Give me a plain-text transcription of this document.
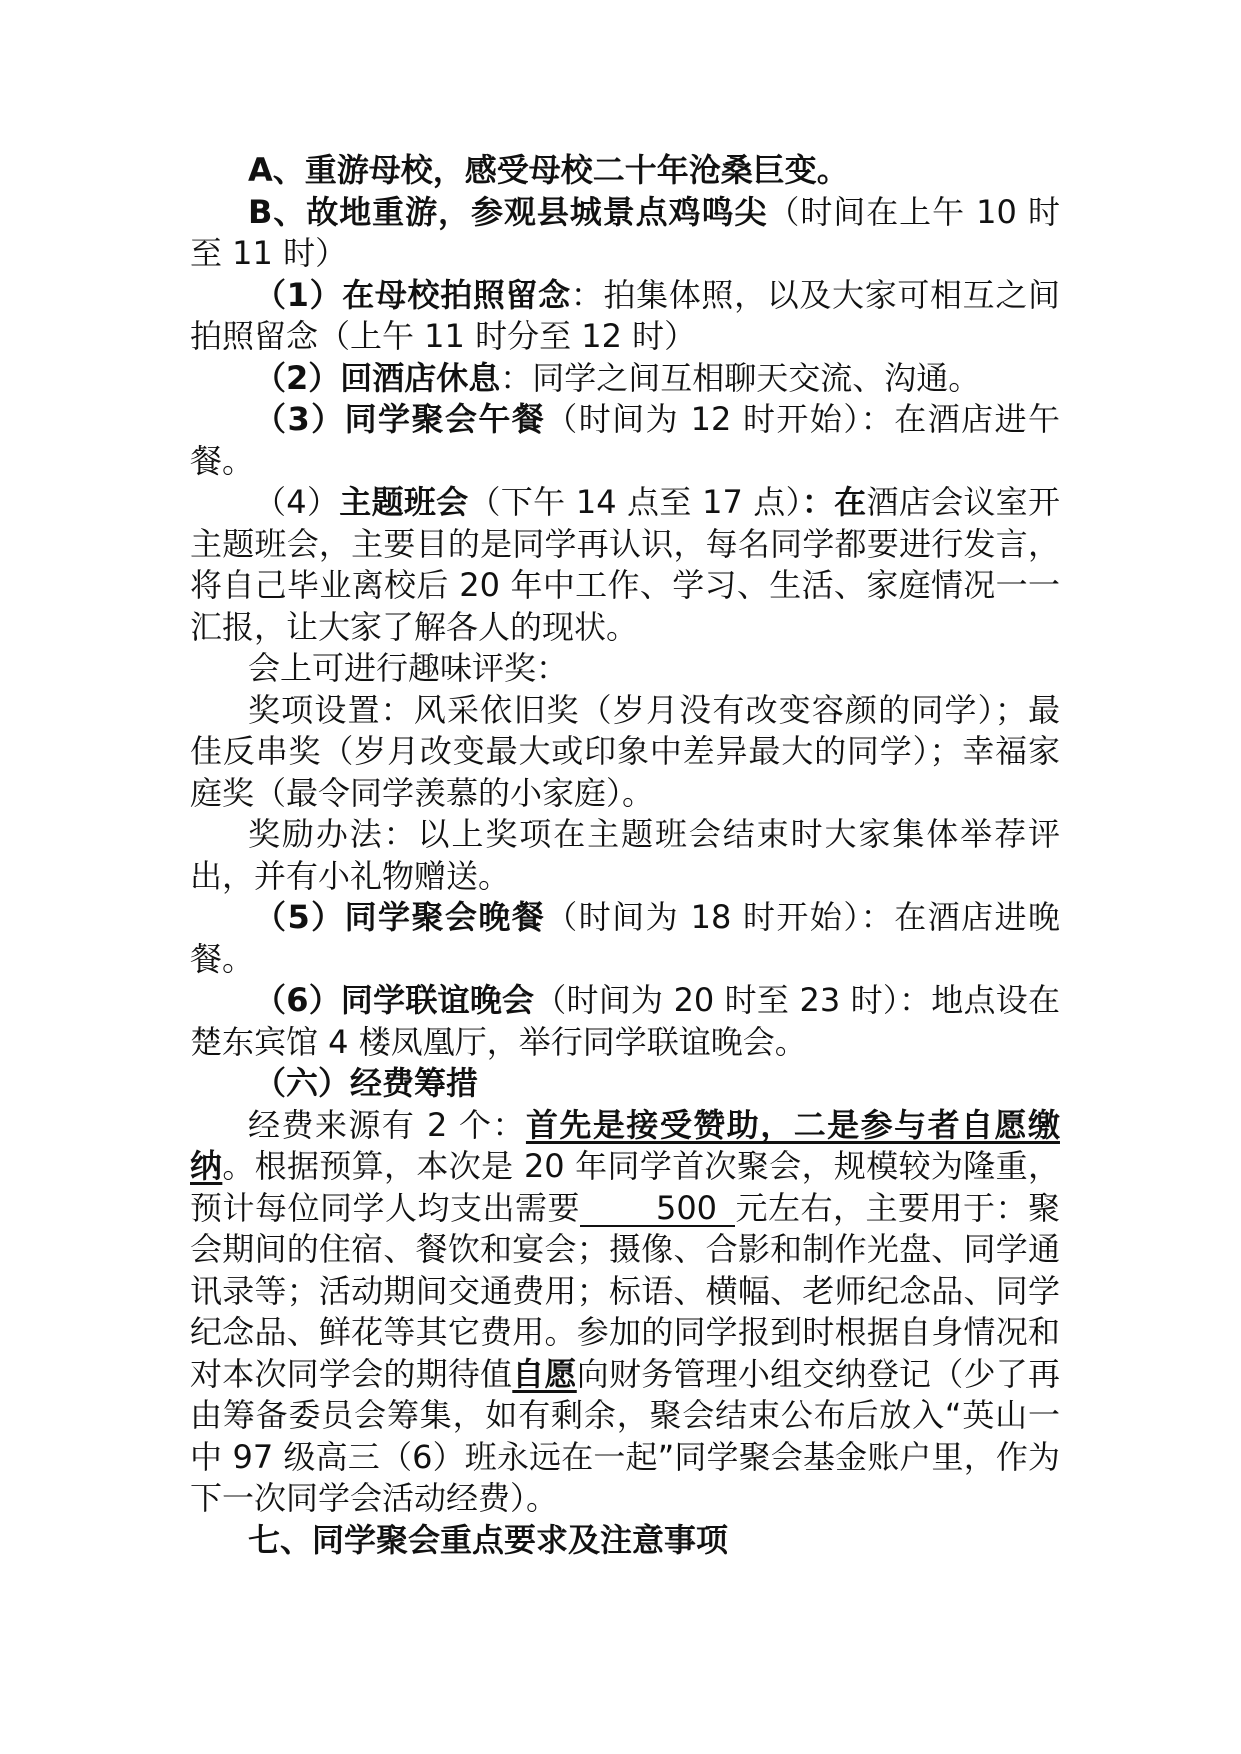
A、重游母校，感受母校二十年沧桑巨变。

B、故地重游，参观县城景点鸡鸣尖（时间在上午 10 时至 11 时）

（1）在母校拍照留念：拍集体照，以及大家可相互之间拍照留念（上午 11 时分至 12 时）

（2）回酒店休息：同学之间互相聊天交流、沟通。

（3）同学聚会午餐（时间为 12 时开始）：在酒店进午餐。

（4）主题班会（下午 14 点至 17 点）：在酒店会议室开主题班会，主要目的是同学再认识，每名同学都要进行发言，将自己毕业离校后 20 年中工作、学习、生活、家庭情况一一汇报，让大家了解各人的现状。

会上可进行趣味评奖：

奖项设置：风采依旧奖（岁月没有改变容颜的同学）；最佳反串奖（岁月改变最大或印象中差异最大的同学）；幸福家庭奖（最令同学羡慕的小家庭）。

奖励办法：以上奖项在主题班会结束时大家集体举荐评出，并有小礼物赠送。

（5）同学聚会晚餐（时间为 18 时开始）：在酒店进晚餐。

（6）同学联谊晚会（时间为 20 时至 23 时）：地点设在楚东宾馆 4 楼凤凰厅，举行同学联谊晚会。

（六）经费筹措

经费来源有 2 个：首先是接受赞助，二是参与者自愿缴纳。根据预算，本次是 20 年同学首次聚会，规模较为隆重，预计每位同学人均支出需要 500 元左右，主要用于：聚会期间的住宿、餐饮和宴会；摄像、合影和制作光盘、同学通讯录等；活动期间交通费用；标语、横幅、老师纪念品、同学纪念品、鲜花等其它费用。参加的同学报到时根据自身情况和对本次同学会的期待值自愿向财务管理小组交纳登记（少了再由筹备委员会筹集，如有剩余，聚会结束公布后放入“英山一中 97 级高三（6）班永远在一起”同学聚会基金账户里，作为下一次同学会活动经费）。

七、同学聚会重点要求及注意事项
